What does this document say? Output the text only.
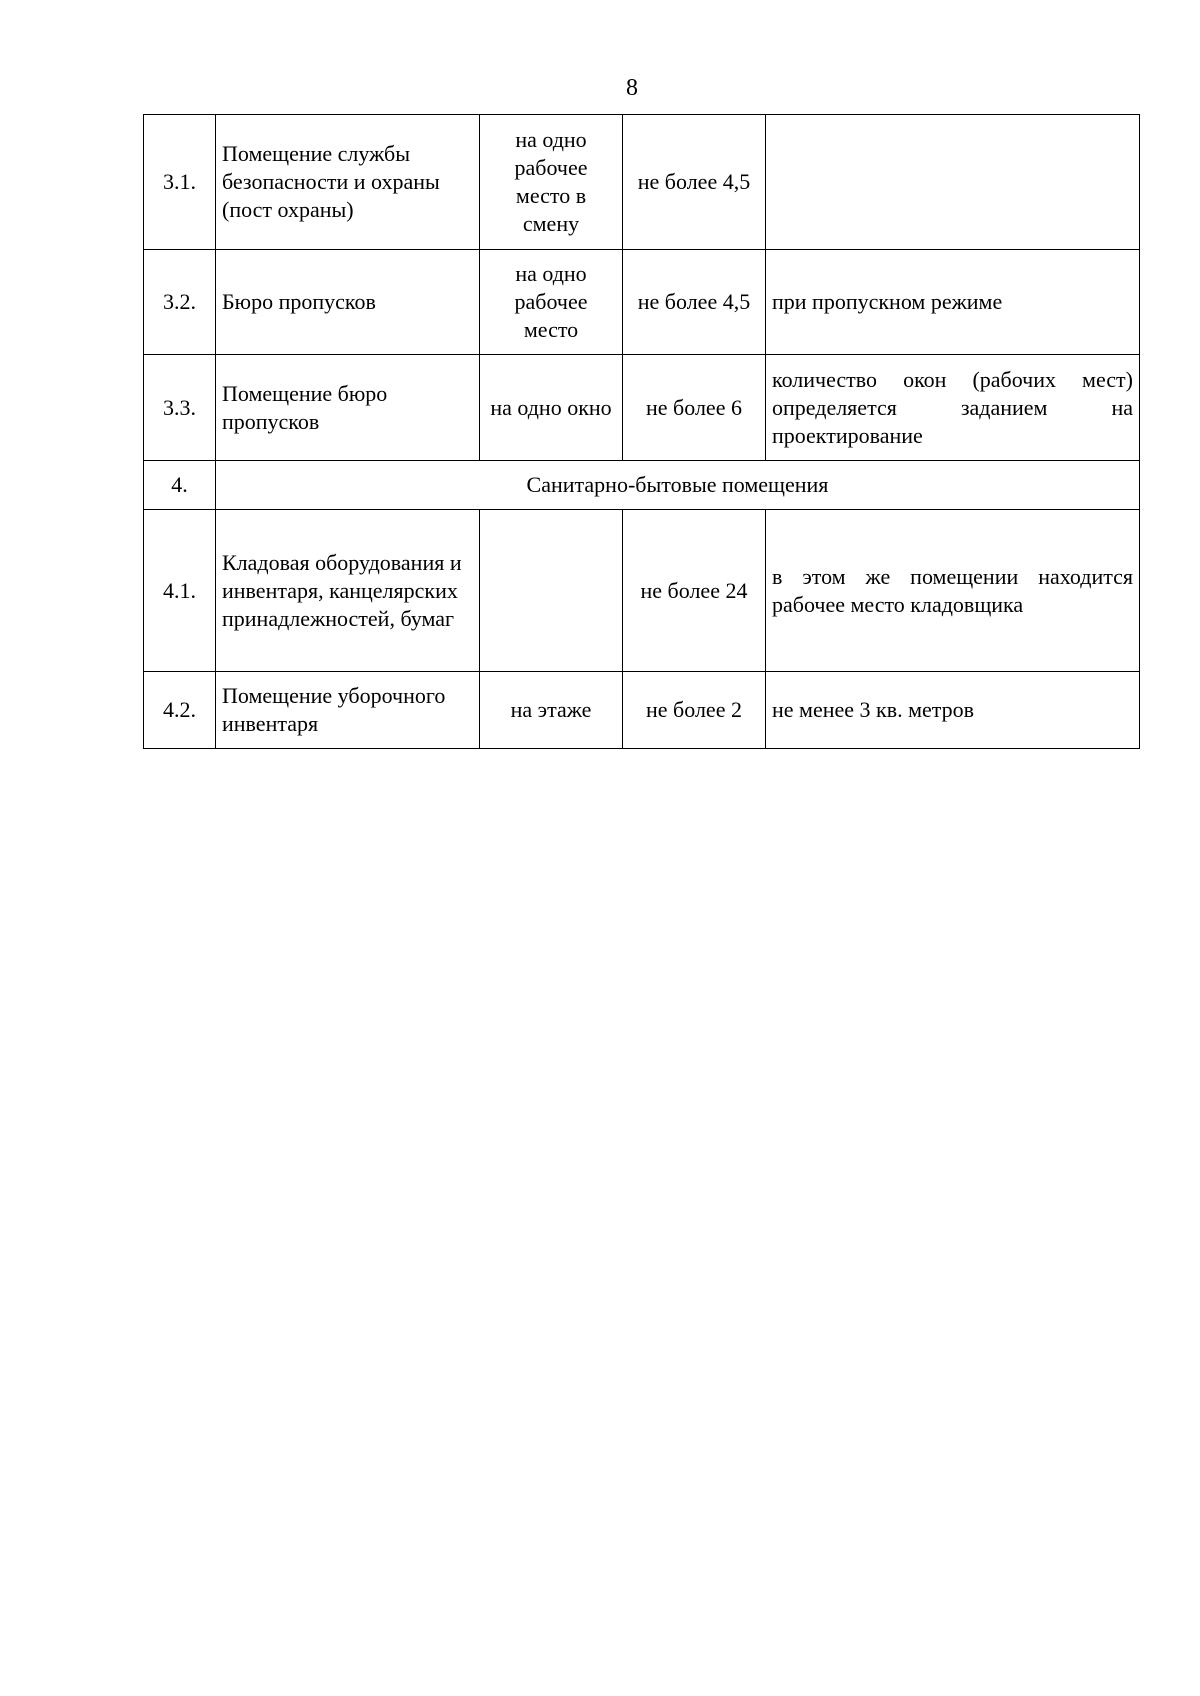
8
3.1.	Помещение службы безопасности и охраны (пост охраны)	на одно рабочее место в смену	не более 4,5	
3.2.	Бюро пропусков	на одно рабочее место	не более 4,5	при пропускном режиме
3.3.	Помещение бюро пропусков	на одно окно	не более 6	количество окон (рабочих мест) определяется заданием на проектирование
4.	Санитарно-бытовые помещения			
4.1.	Кладовая оборудования и инвентаря, канцелярских принадлежностей, бумаг		не более 24	в этом же помещении находится рабочее место кладовщика
4.2.	Помещение уборочного инвентаря	на этаже	не более 2	не менее 3 кв. метров
